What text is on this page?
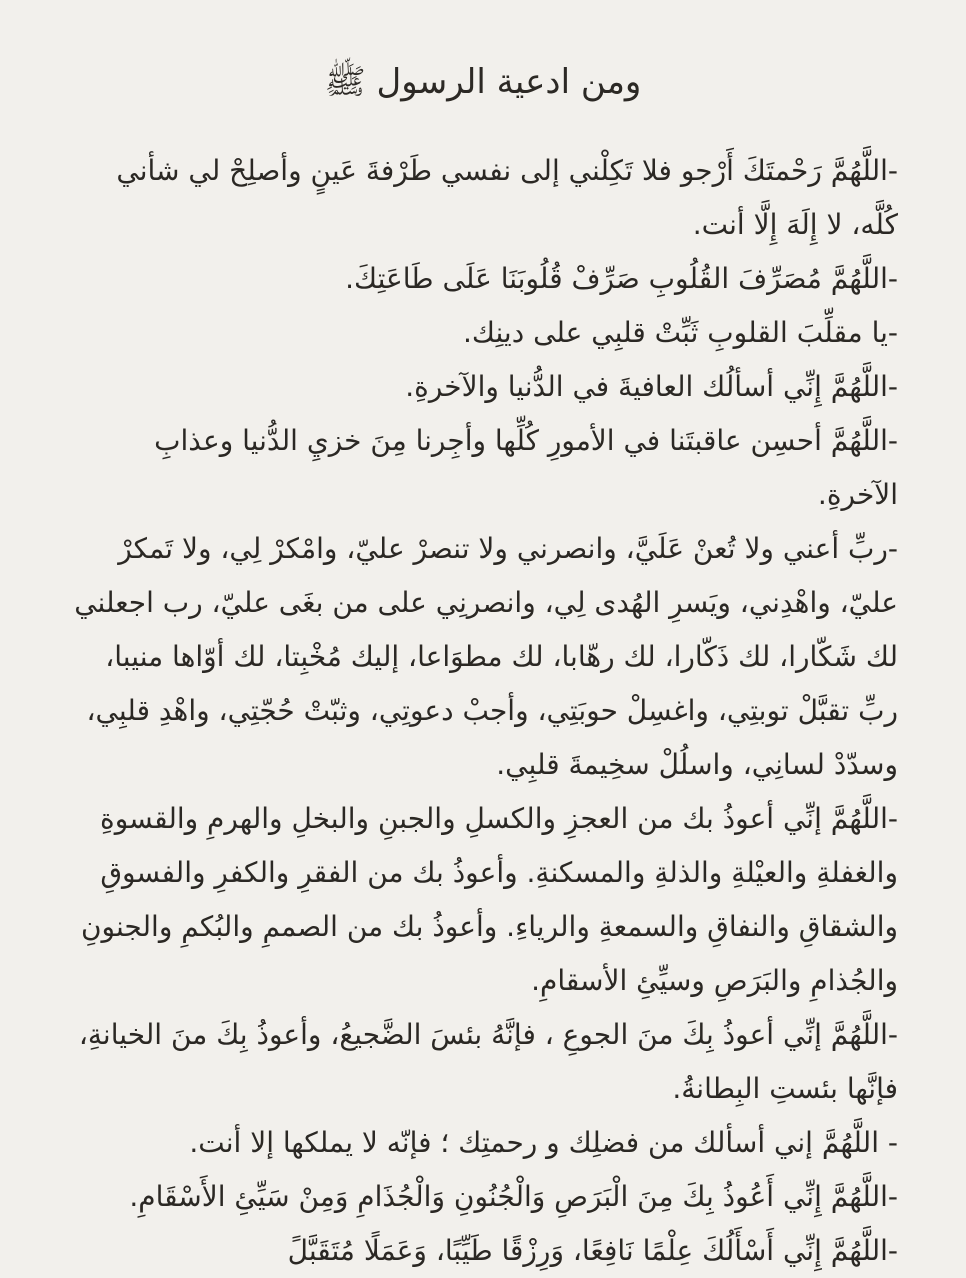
ومن ادعية الرسول ﷺ
-اللَّهُمَّ رَحْمتَكَ أَرْجو فلا تَكِلْني إلى نفسي طَرْفةَ عَينٍ وأصلِحْ لي شأني كُلَّه، لا إِلَهَ إِلَّا أنت.
-اللَّهُمَّ مُصَرِّفَ القُلُوبِ صَرِّفْ قُلُوبَنَا عَلَى طَاعَتِكَ.
-يا مقلِّبَ القلوبِ ثَبِّتْ قلبِي على دينِك.
-اللَّهُمَّ إِنِّي أسألُك العافيةَ في الدُّنيا والآخرةِ.
-اللَّهُمَّ أحسِن عاقبتَنا في الأمورِ كُلِّها وأجِرنا مِنَ خزيِ الدُّنيا وعذابِ الآخرةِ.
-ربِّ أعني ولا تُعنْ عَلَيَّ، وانصرني ولا تنصرْ عليّ، وامْكرْ لِي، ولا تَمكرْ عليّ، واهْدِني، ويَسرِ الهُدى لِي، وانصرنِي على من بغَى عليّ، رب اجعلني لك شَكّارا، لك ذَكّارا، لك رهّابا، لك مطوَاعا، إليك مُخْبِتا، لك أوّاها منيبا، ربِّ تقبَّلْ توبتِي، واغسِلْ حوبَتِي، وأجبْ دعوتِي، وثبّتْ حُجّتِي، واهْدِ قلبِي، وسدّدْ لسانِي، واسلُلْ سخِيمةَ قلبِي.
-اللَّهُمَّ إنِّي أعوذُ بك من العجزِ والكسلِ والجبنِ والبخلِ والهرمِ والقسوةِ والغفلةِ والعيْلةِ والذلةِ والمسكنةِ. وأعوذُ بك من الفقرِ والكفرِ والفسوقِ والشقاقِ والنفاقِ والسمعةِ والرياءِ. وأعوذُ بك من الصممِ والبُكمِ والجنونِ والجُذامِ والبَرَصِ وسيِّئِ الأسقامِ.
-اللَّهُمَّ إنِّي أعوذُ بِكَ منَ الجوعِ ، فإنَّهُ بئسَ الضَّجيعُ، وأعوذُ بِكَ منَ الخيانةِ، فإنَّها بئستِ البِطانةُ.
- اللَّهُمَّ إني أسألك من فضلِك و رحمتِك ؛ فإنّه لا يملكها إلا أنت.
-اللَّهُمَّ إِنِّي أَعُوذُ بِكَ مِنَ الْبَرَصِ وَالْجُنُونِ وَالْجُذَامِ وَمِنْ سَيِّئِ الأَسْقَامِ.
-اللَّهُمَّ إِنِّي أَسْأَلُكَ عِلْمًا نَافِعًا، وَرِزْقًا طَيِّبًا، وَعَمَلًا مُتَقَبَّلً
